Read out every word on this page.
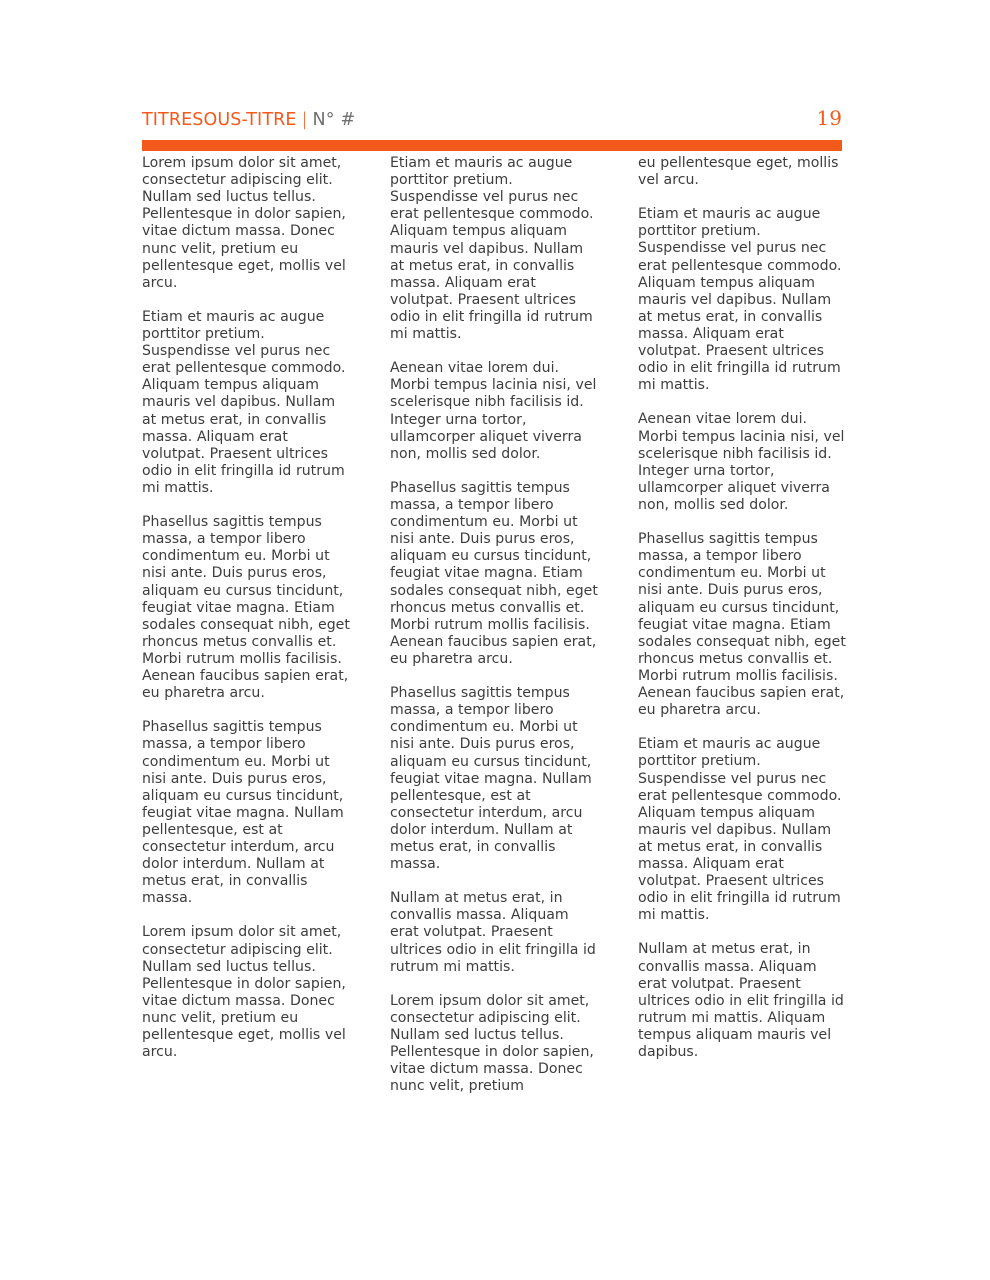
TITRESOUS-TITRE | N° #	19

Lorem ipsum dolor sit amet, consectetur adipiscing elit. Nullam sed luctus tellus. Pellentesque in dolor sapien, vitae dictum massa. Donec nunc velit, pretium eu pellentesque eget, mollis vel arcu.

Etiam et mauris ac augue porttitor pretium. Suspendisse vel purus nec erat pellentesque commodo. Aliquam tempus aliquam mauris vel dapibus. Nullam at metus erat, in convallis massa. Aliquam erat volutpat. Praesent ultrices odio in elit fringilla id rutrum mi mattis.

Phasellus sagittis tempus massa, a tempor libero condimentum eu. Morbi ut nisi ante. Duis purus eros, aliquam eu cursus tincidunt, feugiat vitae magna. Etiam sodales consequat nibh, eget rhoncus metus convallis et. Morbi rutrum mollis facilisis. Aenean faucibus sapien erat, eu pharetra arcu.

Phasellus sagittis tempus massa, a tempor libero condimentum eu. Morbi ut nisi ante. Duis purus eros, aliquam eu cursus tincidunt, feugiat vitae magna. Nullam pellentesque, est at consectetur interdum, arcu dolor interdum. Nullam at metus erat, in convallis massa.

Lorem ipsum dolor sit amet, consectetur adipiscing elit. Nullam sed luctus tellus. Pellentesque in dolor sapien, vitae dictum massa. Donec nunc velit, pretium eu pellentesque eget, mollis vel arcu.

Etiam et mauris ac augue porttitor pretium. Suspendisse vel purus nec erat pellentesque commodo. Aliquam tempus aliquam mauris vel dapibus. Nullam at metus erat, in convallis massa. Aliquam erat volutpat. Praesent ultrices odio in elit fringilla id rutrum mi mattis.

Aenean vitae lorem dui. Morbi tempus lacinia nisi, vel scelerisque nibh facilisis id. Integer urna tortor, ullamcorper aliquet viverra non, mollis sed dolor.

Phasellus sagittis tempus massa, a tempor libero condimentum eu. Morbi ut nisi ante. Duis purus eros, aliquam eu cursus tincidunt, feugiat vitae magna. Etiam sodales consequat nibh, eget rhoncus metus convallis et. Morbi rutrum mollis facilisis. Aenean faucibus sapien erat, eu pharetra arcu.

Phasellus sagittis tempus massa, a tempor libero condimentum eu. Morbi ut nisi ante. Duis purus eros, aliquam eu cursus tincidunt, feugiat vitae magna. Nullam pellentesque, est at consectetur interdum, arcu dolor interdum. Nullam at metus erat, in convallis massa.

Nullam at metus erat, in convallis massa. Aliquam erat volutpat. Praesent ultrices odio in elit fringilla id rutrum mi mattis.

Lorem ipsum dolor sit amet, consectetur adipiscing elit. Nullam sed luctus tellus. Pellentesque in dolor sapien, vitae dictum massa. Donec nunc velit, pretium

eu pellentesque eget, mollis vel arcu.

Etiam et mauris ac augue porttitor pretium. Suspendisse vel purus nec erat pellentesque commodo. Aliquam tempus aliquam mauris vel dapibus. Nullam at metus erat, in convallis massa. Aliquam erat volutpat. Praesent ultrices odio in elit fringilla id rutrum mi mattis.

Aenean vitae lorem dui. Morbi tempus lacinia nisi, vel scelerisque nibh facilisis id. Integer urna tortor, ullamcorper aliquet viverra non, mollis sed dolor.

Phasellus sagittis tempus massa, a tempor libero condimentum eu. Morbi ut nisi ante. Duis purus eros, aliquam eu cursus tincidunt, feugiat vitae magna. Etiam sodales consequat nibh, eget rhoncus metus convallis et. Morbi rutrum mollis facilisis. Aenean faucibus sapien erat, eu pharetra arcu.

Etiam et mauris ac augue porttitor pretium. Suspendisse vel purus nec erat pellentesque commodo. Aliquam tempus aliquam mauris vel dapibus. Nullam at metus erat, in convallis massa. Aliquam erat volutpat. Praesent ultrices odio in elit fringilla id rutrum mi mattis.

Nullam at metus erat, in convallis massa. Aliquam erat volutpat. Praesent ultrices odio in elit fringilla id rutrum mi mattis. Aliquam tempus aliquam mauris vel dapibus.
